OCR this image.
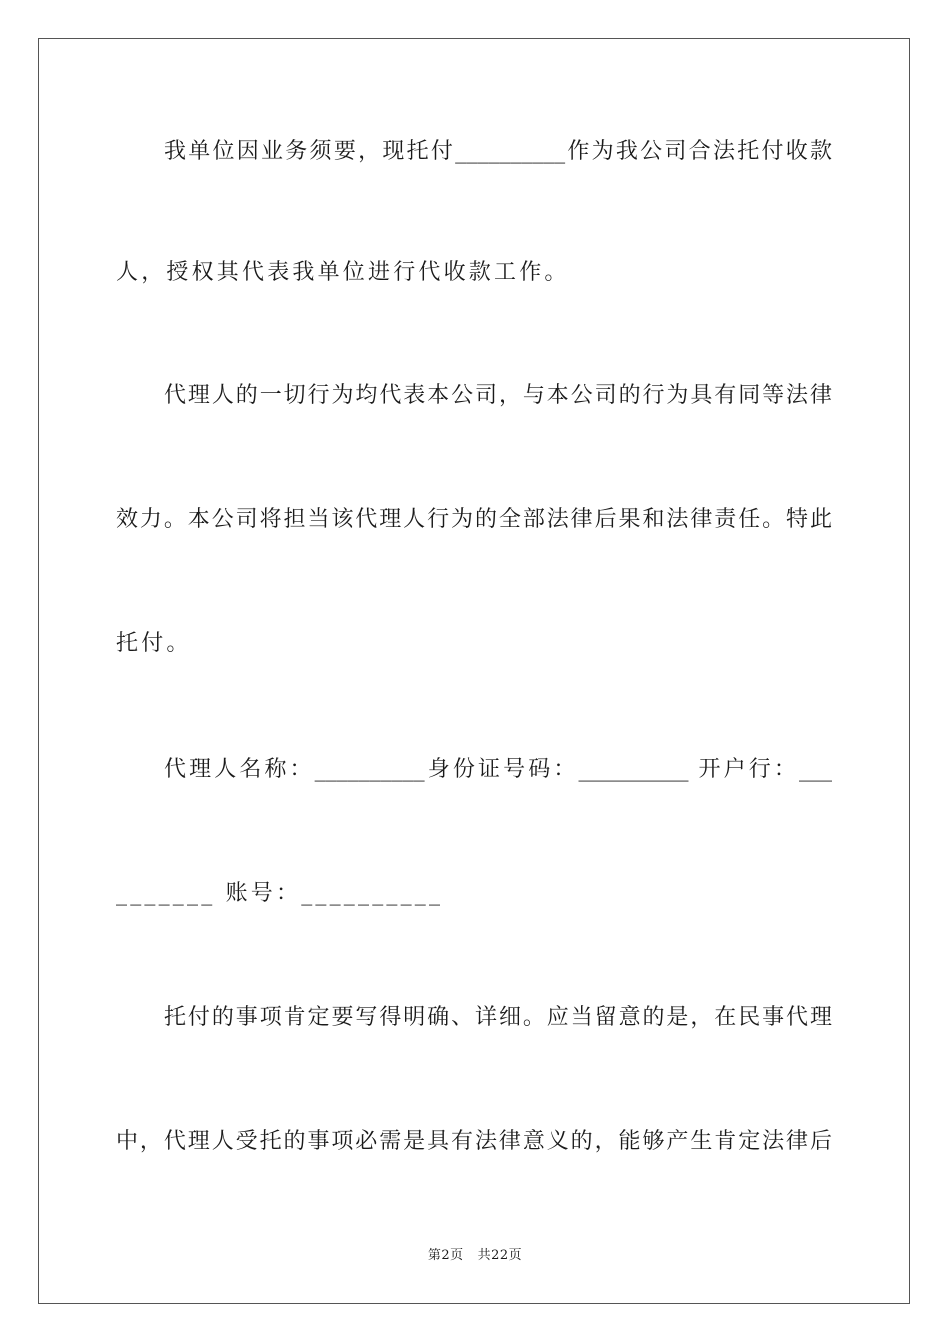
我单位因业务须要，现托付__________作为我公司合法托付收款
人，授权其代表我单位进行代收款工作。
代理人的一切行为均代表本公司，与本公司的行为具有同等法律
效力。本公司将担当该代理人行为的全部法律后果和法律责任。特此
托付。
代理人名称：__________身份证号码：__________ 开户行：___
_______ 账号：__________
托付的事项肯定要写得明确、详细。应当留意的是，在民事代理
中，代理人受托的事项必需是具有法律意义的，能够产生肯定法律后
第2页 共22页
